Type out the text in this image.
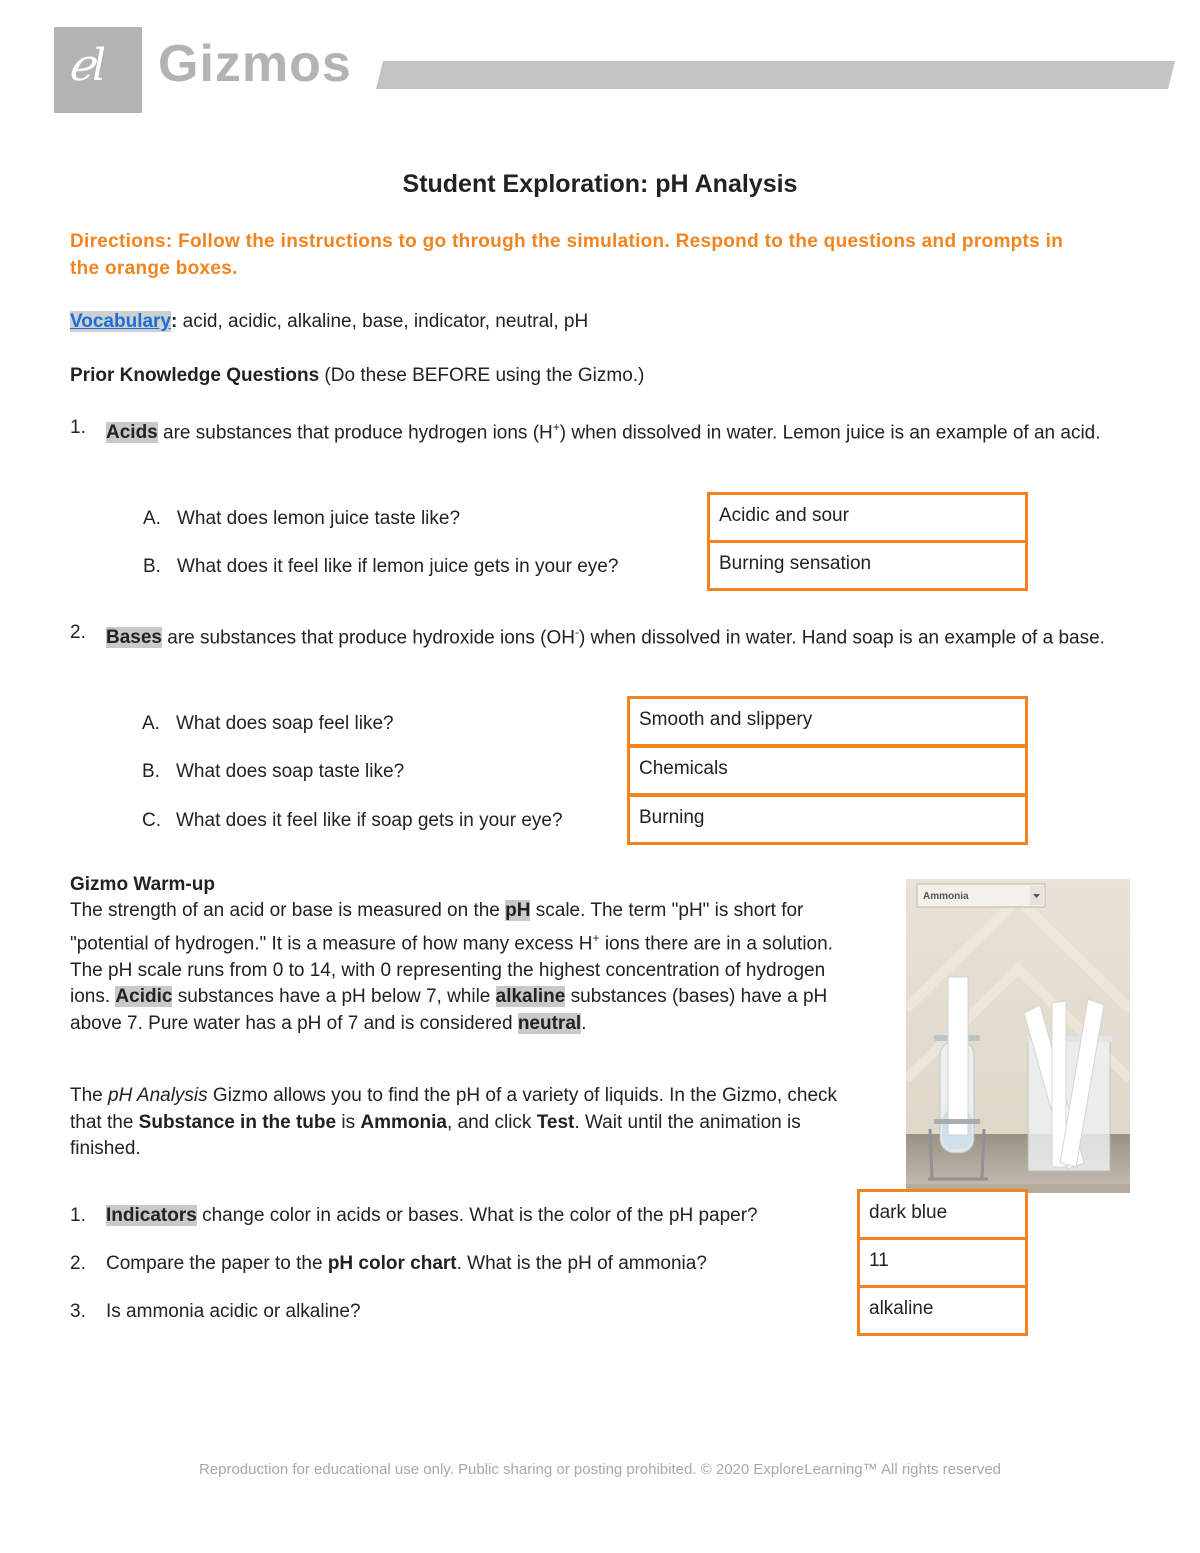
ℯl Gizmos
Student Exploration: pH Analysis
Directions: Follow the instructions to go through the simulation. Respond to the questions and prompts in the orange boxes.
Vocabulary: acid, acidic, alkaline, base, indicator, neutral, pH
Prior Knowledge Questions (Do these BEFORE using the Gizmo.)
1. Acids are substances that produce hydrogen ions (H+) when dissolved in water. Lemon juice is an example of an acid.
A. What does lemon juice taste like?	Acidic and sour
B. What does it feel like if lemon juice gets in your eye?	Burning sensation
2. Bases are substances that produce hydroxide ions (OH-) when dissolved in water. Hand soap is an example of a base.
A. What does soap feel like?	Smooth and slippery
B. What does soap taste like?	Chemicals
C. What does it feel like if soap gets in your eye?	Burning
Gizmo Warm-up
The strength of an acid or base is measured on the pH scale. The term "pH" is short for "potential of hydrogen." It is a measure of how many excess H+ ions there are in a solution. The pH scale runs from 0 to 14, with 0 representing the highest concentration of hydrogen ions. Acidic substances have a pH below 7, while alkaline substances (bases) have a pH above 7. Pure water has a pH of 7 and is considered neutral.
The pH Analysis Gizmo allows you to find the pH of a variety of liquids. In the Gizmo, check that the Substance in the tube is Ammonia, and click Test. Wait until the animation is finished.
Ammonia
1. Indicators change color in acids or bases. What is the color of the pH paper?	dark blue
2. Compare the paper to the pH color chart. What is the pH of ammonia?	11
3. Is ammonia acidic or alkaline?	alkaline
Reproduction for educational use only. Public sharing or posting prohibited. © 2020 ExploreLearning™ All rights reserved
